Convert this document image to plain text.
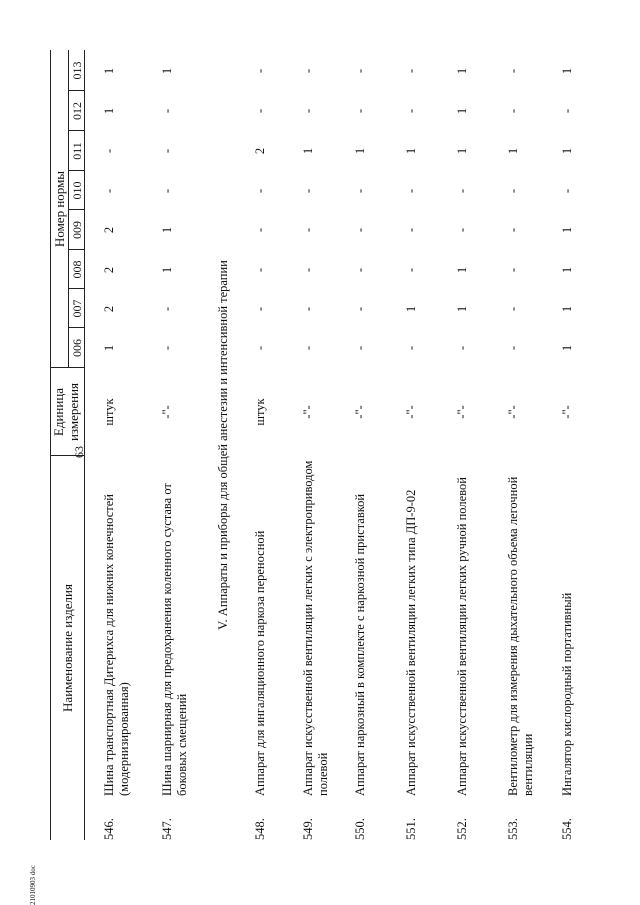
63
21010903 doc
Наименование изделия
Единица измерения
Номер нормы
006
007
008
009
010
011
012
013
546.
Шина транспортная Дитерихса для нижних конечностей (модернизированная)
штук
1
2
2
2
-
-
1
1
547.
Шина шарнирная для предохранения коленного сустава от боковых смещений
-"-
-
-
1
1
-
-
-
1
V. Аппараты и приборы для общей анестезии и интенсивной терапии
548.
Аппарат для ингаляционного наркоза переносной
штук
-
-
-
-
-
2
-
-
549.
Аппарат искусственной вентиляции легких с электроприводом полевой
-"-
-
-
-
-
-
1
-
-
550.
Аппарат наркозный в комплекте с наркозной приставкой
-"-
-
-
-
-
-
1
-
-
551.
Аппарат искусственной вентиляции легких типа ДП-9-02
-"-
-
1
-
-
-
1
-
-
552.
Аппарат искусственной вентиляции легких ручной полевой
-"-
-
1
1
-
-
1
1
1
553.
Вентилометр для измерения дыхательного объема легочной вентиляции
-"-
-
-
-
-
-
1
-
-
554.
Ингалятор кислородный портативный
-"-
1
1
1
1
-
1
-
1
